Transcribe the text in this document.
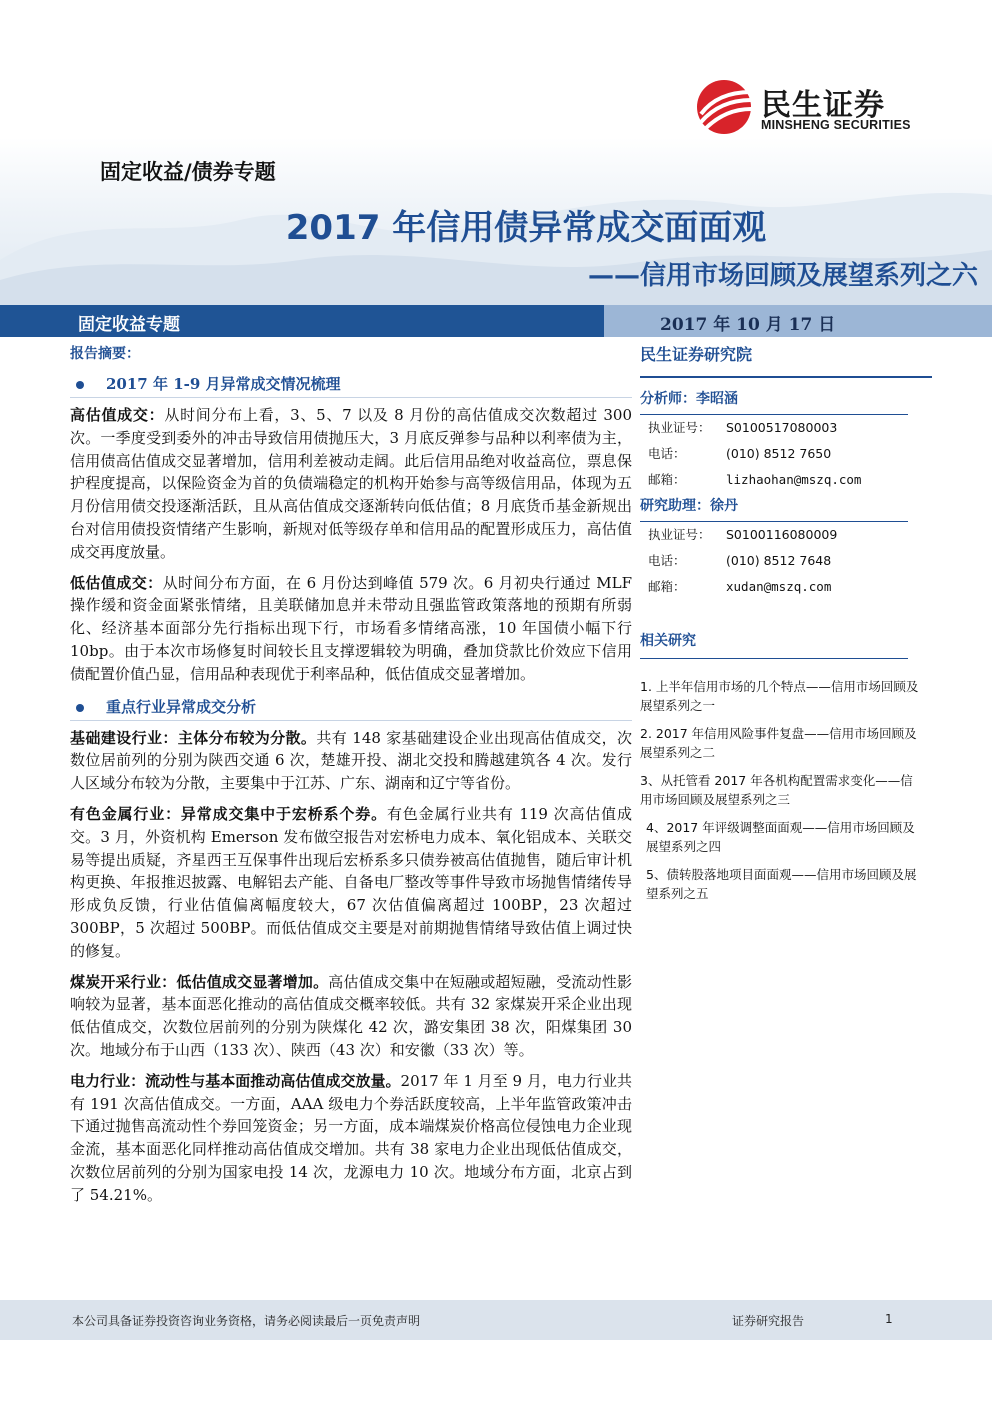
民生证券
MINSHENG SECURITIES
固定收益/债券专题
2017 年信用债异常成交面面观
——信用市场回顾及展望系列之六
固定收益专题	2017 年 10 月 17 日
报告摘要：
2017 年 1-9 月异常成交情况梳理

高估值成交：从时间分布上看，3、5、7 以及 8 月份的高估值成交次数超过 300 次。一季度受到委外的冲击导致信用债抛压大，3 月底反弹参与品种以利率债为主，信用债高估值成交显著增加，信用利差被动走阔。此后信用品绝对收益高位，票息保护程度提高，以保险资金为首的负债端稳定的机构开始参与高等级信用品，体现为五月份信用债交投逐渐活跃，且从高估值成交逐渐转向低估值；8 月底货币基金新规出台对信用债投资情绪产生影响，新规对低等级存单和信用品的配置形成压力，高估值成交再度放量。

低估值成交：从时间分布方面，在 6 月份达到峰值 579 次。6 月初央行通过 MLF 操作缓和资金面紧张情绪，且美联储加息并未带动且强监管政策落地的预期有所弱化、经济基本面部分先行指标出现下行，市场看多情绪高涨，10 年国债小幅下行 10bp。由于本次市场修复时间较长且支撑逻辑较为明确，叠加贷款比价效应下信用债配置价值凸显，信用品种表现优于利率品种，低估值成交显著增加。

重点行业异常成交分析

基础建设行业：主体分布较为分散。共有 148 家基础建设企业出现高估值成交，次数位居前列的分别为陕西交通 6 次，楚雄开投、湖北交投和腾越建筑各 4 次。发行人区域分布较为分散，主要集中于江苏、广东、湖南和辽宁等省份。

有色金属行业：异常成交集中于宏桥系个券。有色金属行业共有 119 次高估值成交。3 月，外资机构 Emerson 发布做空报告对宏桥电力成本、氧化铝成本、关联交易等提出质疑，齐星西王互保事件出现后宏桥系多只债券被高估值抛售，随后审计机构更换、年报推迟披露、电解铝去产能、自备电厂整改等事件导致市场抛售情绪传导形成负反馈，行业估值偏离幅度较大，67 次估值偏离超过 100BP，23 次超过 300BP，5 次超过 500BP。而低估值成交主要是对前期抛售情绪导致估值上调过快的修复。

煤炭开采行业：低估值成交显著增加。高估值成交集中在短融或超短融，受流动性影响较为显著，基本面恶化推动的高估值成交概率较低。共有 32 家煤炭开采企业出现低估值成交，次数位居前列的分别为陕煤化 42 次，潞安集团 38 次，阳煤集团 30 次。地域分布于山西（133 次）、陕西（43 次）和安徽（33 次）等。

电力行业：流动性与基本面推动高估值成交放量。2017 年 1 月至 9 月，电力行业共有 191 次高估值成交。一方面，AAA 级电力个券活跃度较高，上半年监管政策冲击下通过抛售高流动性个券回笼资金；另一方面，成本端煤炭价格高位侵蚀电力企业现金流，基本面恶化同样推动高估值成交增加。共有 38 家电力企业出现低估值成交，次数位居前列的分别为国家电投 14 次，龙源电力 10 次。地域分布方面，北京占到了 54.21%。

民生证券研究院
分析师：李昭涵
执业证号：	S0100517080003
电话：	(010) 8512 7650
邮箱：	lizhaohan@mszq.com
研究助理：徐丹
执业证号：	S0100116080009
电话：	(010) 8512 7648
邮箱：	xudan@mszq.com
相关研究
1. 上半年信用市场的几个特点——信用市场回顾及展望系列之一
2. 2017 年信用风险事件复盘——信用市场回顾及展望系列之二
3、从托管看 2017 年各机构配置需求变化——信用市场回顾及展望系列之三
4、2017 年评级调整面面观——信用市场回顾及展望系列之四
5、债转股落地项目面面观——信用市场回顾及展望系列之五
本公司具备证券投资咨询业务资格，请务必阅读最后一页免责声明	证券研究报告	1
